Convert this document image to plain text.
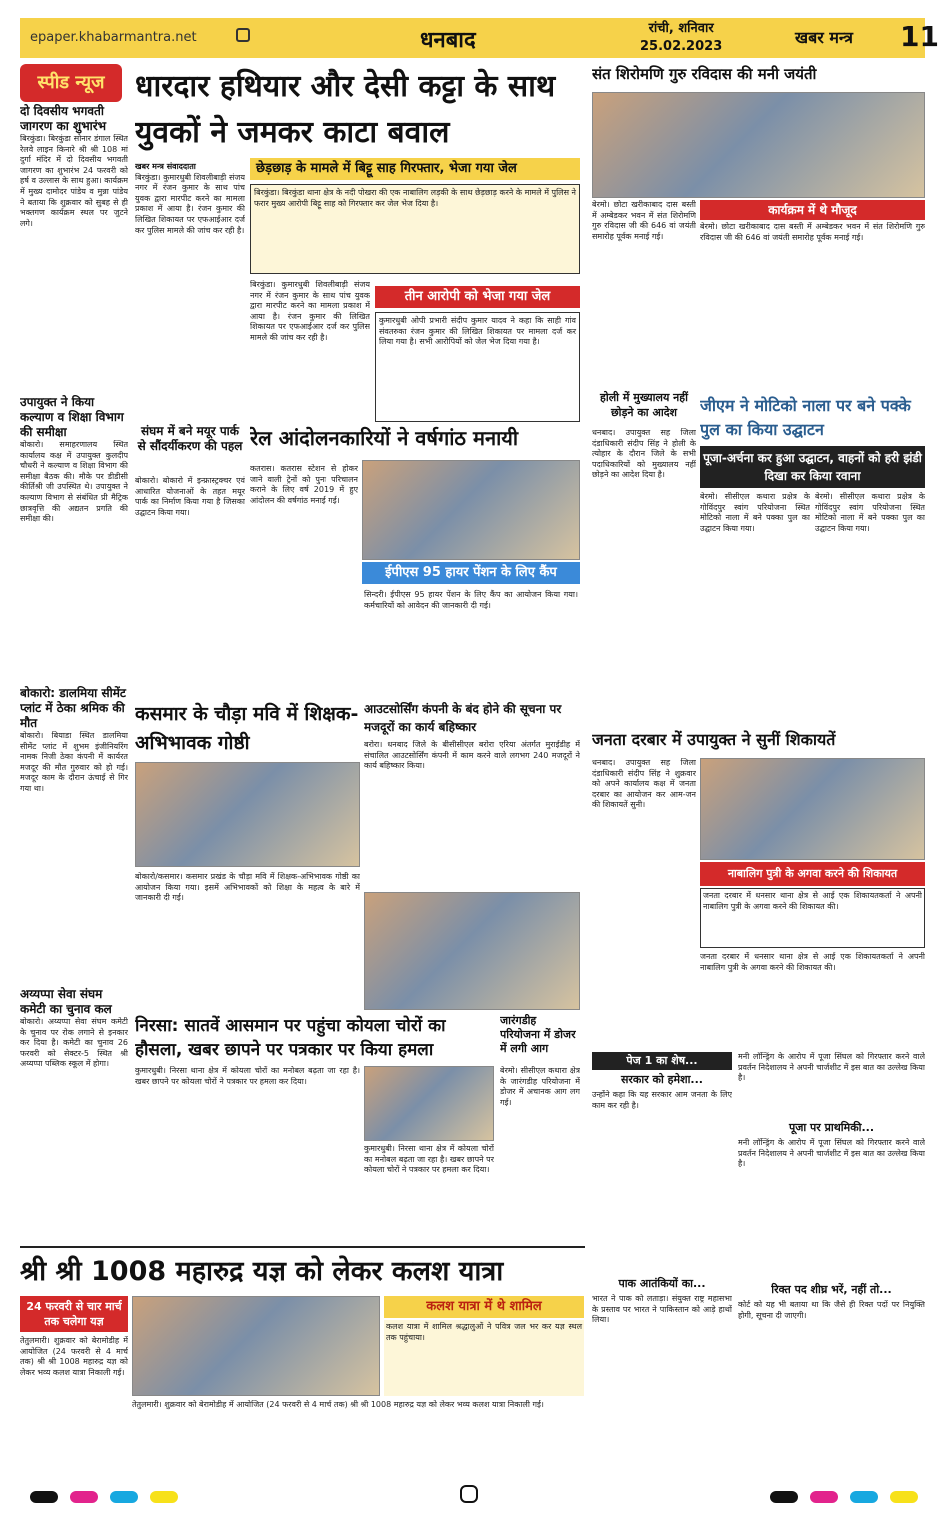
epaper.khabarmantra.net	धनबाद	रांची, शनिवार
25.02.2023	खबर मन्त्र 11
स्पीड न्यूज
दो दिवसीय भगवती जागरण का शुभारंभ
बिरकुंडा। बिरकुंडा सोनार डंगाल स्थित रेलवे लाइन किनारे श्री श्री 108 मां दुर्गा मंदिर में दो दिवसीय भगवती जागरण का शुभारंभ 24 फरवरी को हर्ष व उल्लास के साथ हुआ। कार्यक्रम में मुख्य दामोदर पांडेय व मुन्ना पांडेय ने बताया कि शुक्रवार को सुबह से ही भक्तगण कार्यक्रम स्थल पर जुटने लगे।
उपायुक्त ने किया कल्याण व शिक्षा विभाग की समीक्षा
बोकारो। समाहरणालय स्थित कार्यालय कक्ष में उपायुक्त कुलदीप चौधरी ने कल्याण व शिक्षा विभाग की समीक्षा बैठक की। मौके पर डीडीसी कीर्तिश्री जी उपस्थित थे। उपायुक्त ने कल्याण विभाग से संबंधित प्री मैट्रिक छात्रवृत्ति की अद्यतन प्रगति की समीक्षा की।
बोकारो: डालमिया सीमेंट प्लांट में ठेका श्रमिक की मौत
बोकारो। बियाडा स्थित डालमिया सीमेंट प्लांट में शुभम इंजीनियरिंग नामक निजी ठेका कंपनी में कार्यरत मजदूर की मौत गुरुवार को हो गई। मजदूर काम के दौरान ऊंचाई से गिर गया था।
अय्यप्पा सेवा संघम कमेटी का चुनाव कल
बोकारो। अय्यप्पा सेवा संघम कमेटी के चुनाव पर रोक लगाने से इनकार कर दिया है। कमेटी का चुनाव 26 फरवरी को सेक्टर-5 स्थित श्री अय्यप्पा पब्लिक स्कूल में होगा।
धारदार हथियार और देसी कट्टा के साथ युवकों ने जमकर काटा बवाल
खबर मन्त्र संवाददाता
बिरकुंडा। कुमारधुबी शिवलीबाड़ी संजय नगर में रंजन कुमार के साथ पांच युवक द्वारा मारपीट करने का मामला प्रकाश में आया है। रंजन कुमार की लिखित शिकायत पर एफआईआर दर्ज कर पुलिस मामले की जांच कर रही है।
छेड़छाड़ के मामले में बिट्टू साह गिरफ्तार, भेजा गया जेल
बिरकुंडा। बिरकुंडा थाना क्षेत्र के नदी पोखरा की एक नाबालिग लड़की के साथ छेड़छाड़ करने के मामले में पुलिस ने फरार मुख्य आरोपी बिट्टू साह को गिरफ्तार कर जेल भेज दिया है।
बिरकुंडा। कुमारधुबी शिवलीबाड़ी संजय नगर में रंजन कुमार के साथ पांच युवक द्वारा मारपीट करने का मामला प्रकाश में आया है। रंजन कुमार की लिखित शिकायत पर एफआईआर दर्ज कर पुलिस मामले की जांच कर रही है।
तीन आरोपी को भेजा गया जेल
कुमारधुबी ओपी प्रभारी संदीप कुमार यादव ने कहा कि साही गांव संवतरुका रंजन कुमार की लिखित शिकायत पर मामला दर्ज कर लिया गया है। सभी आरोपियों को जेल भेज दिया गया है।
संघम में बने मयूर पार्क से सौंदर्यीकरण की पहल
बोकारो। बोकारो में इन्फ्रास्ट्रक्चर एवं आधारित योजनाओं के तहत मयूर पार्क का निर्माण किया गया है जिसका उद्घाटन किया गया।
रेल आंदोलनकारियों ने वर्षगांठ मनायी
कतरास। कतरास स्टेशन से होकर जाने वाली ट्रेनों को पुनः परिचालन कराने के लिए वर्ष 2019 में हुए आंदोलन की वर्षगांठ मनाई गई।
ईपीएस 95 हायर पेंशन के लिए कैंप
सिन्दरी। ईपीएस 95 हायर पेंशन के लिए कैंप का आयोजन किया गया। कर्मचारियों को आवेदन की जानकारी दी गई।
कसमार के चौड़ा मवि में शिक्षक-अभिभावक गोष्ठी
बोकारो/कसमार। कसमार प्रखंड के चौड़ा मवि में शिक्षक-अभिभावक गोष्ठी का आयोजन किया गया। इसमें अभिभावकों को शिक्षा के महत्व के बारे में जानकारी दी गई।
आउटसोर्सिंग कंपनी के बंद होने की सूचना पर मजदूरों का कार्य बहिष्कार
बरोरा। धनबाद जिले के बीसीसीएल बरोरा एरिया अंतर्गत मुराईडीह में संचालित आउटसोर्सिंग कंपनी में काम करने वाले लगभग 240 मजदूरों ने कार्य बहिष्कार किया।
निरसा: सातवें आसमान पर पहुंचा कोयला चोरों का हौसला, खबर छापने पर पत्रकार पर किया हमला
कुमारधुबी। निरसा थाना क्षेत्र में कोयला चोरों का मनोबल बढ़ता जा रहा है। खबर छापने पर कोयला चोरों ने पत्रकार पर हमला कर दिया।
कुमारधुबी। निरसा थाना क्षेत्र में कोयला चोरों का मनोबल बढ़ता जा रहा है। खबर छापने पर कोयला चोरों ने पत्रकार पर हमला कर दिया।
जारंगडीह परियोजना में डोजर में लगी आग
बेरमो। सीसीएल कथारा क्षेत्र के जारंगडीह परियोजना में डोजर में अचानक आग लग गई।
संत शिरोमणि गुरु रविदास की मनी जयंती
कार्यक्रम में थे मौजूद
बेरमो। छोटा खरीकाबाद दास बस्ती में अम्बेडकर भवन में संत शिरोमणि गुरु रविदास जी की 646 वां जयंती समारोह पूर्वक मनाई गई।
बेरमो। छोटा खरीकाबाद दास बस्ती में अम्बेडकर भवन में संत शिरोमणि गुरु रविदास जी की 646 वां जयंती समारोह पूर्वक मनाई गई।
होली में मुख्यालय नहीं छोड़ने का आदेश
धनबाद। उपायुक्त सह जिला दंडाधिकारी संदीप सिंह ने होली के त्योहार के दौरान जिले के सभी पदाधिकारियों को मुख्यालय नहीं छोड़ने का आदेश दिया है।
जीएम ने मोटिको नाला पर बने पक्के पुल का किया उद्घाटन
पूजा-अर्चना कर हुआ उद्घाटन, वाहनों को हरी झंडी दिखा कर किया रवाना
बेरमो। सीसीएल कथारा प्रक्षेत्र के गोविंदपुर स्वांग परियोजना स्थित मोटिको नाला में बने पक्का पुल का उद्घाटन किया गया।
बेरमो। सीसीएल कथारा प्रक्षेत्र के गोविंदपुर स्वांग परियोजना स्थित मोटिको नाला में बने पक्का पुल का उद्घाटन किया गया।
जनता दरबार में उपायुक्त ने सुनीं शिकायतें
धनबाद। उपायुक्त सह जिला दंडाधिकारी संदीप सिंह ने शुक्रवार को अपने कार्यालय कक्ष में जनता दरबार का आयोजन कर आम-जन की शिकायतें सुनी।
नाबालिग पुत्री के अगवा करने की शिकायत
जनता दरबार में धनसार थाना क्षेत्र से आई एक शिकायतकर्ता ने अपनी नाबालिग पुत्री के अगवा करने की शिकायत की।
जनता दरबार में धनसार थाना क्षेत्र से आई एक शिकायतकर्ता ने अपनी नाबालिग पुत्री के अगवा करने की शिकायत की।
पेज 1 का शेष...
सरकार को हमेशा...
उन्होंने कहा कि यह सरकार आम जनता के लिए काम कर रही है।
पाक आतंकियों का...
भारत ने पाक को लताड़ा। संयुक्त राष्ट्र महासभा के प्रस्ताव पर भारत ने पाकिस्तान को आड़े हाथों लिया।
मनी लॉन्ड्रिंग के आरोप में पूजा सिंघल को गिरफ्तार करने वाले प्रवर्तन निदेशालय ने अपनी चार्जशीट में इस बात का उल्लेख किया है।
पूजा पर प्राथमिकी...
मनी लॉन्ड्रिंग के आरोप में पूजा सिंघल को गिरफ्तार करने वाले प्रवर्तन निदेशालय ने अपनी चार्जशीट में इस बात का उल्लेख किया है।
रिक्त पद शीघ्र भरें, नहीं तो...
कोर्ट को यह भी बताया था कि जैसे ही रिक्त पदों पर नियुक्ति होगी, सूचना दी जाएगी।
श्री श्री 1008 महारुद्र यज्ञ को लेकर कलश यात्रा
24 फरवरी से चार मार्च तक चलेगा यज्ञ
तेतुलमारी। शुक्रवार को बेरामोडीह में आयोजित (24 फरवरी से 4 मार्च तक) श्री श्री 1008 महारुद्र यज्ञ को लेकर भव्य कलश यात्रा निकाली गई।
कलश यात्रा में थे शामिल
कलश यात्रा में शामिल श्रद्धालुओं ने पवित्र जल भर कर यज्ञ स्थल तक पहुंचाया।
तेतुलमारी। शुक्रवार को बेरामोडीह में आयोजित (24 फरवरी से 4 मार्च तक) श्री श्री 1008 महारुद्र यज्ञ को लेकर भव्य कलश यात्रा निकाली गई।
